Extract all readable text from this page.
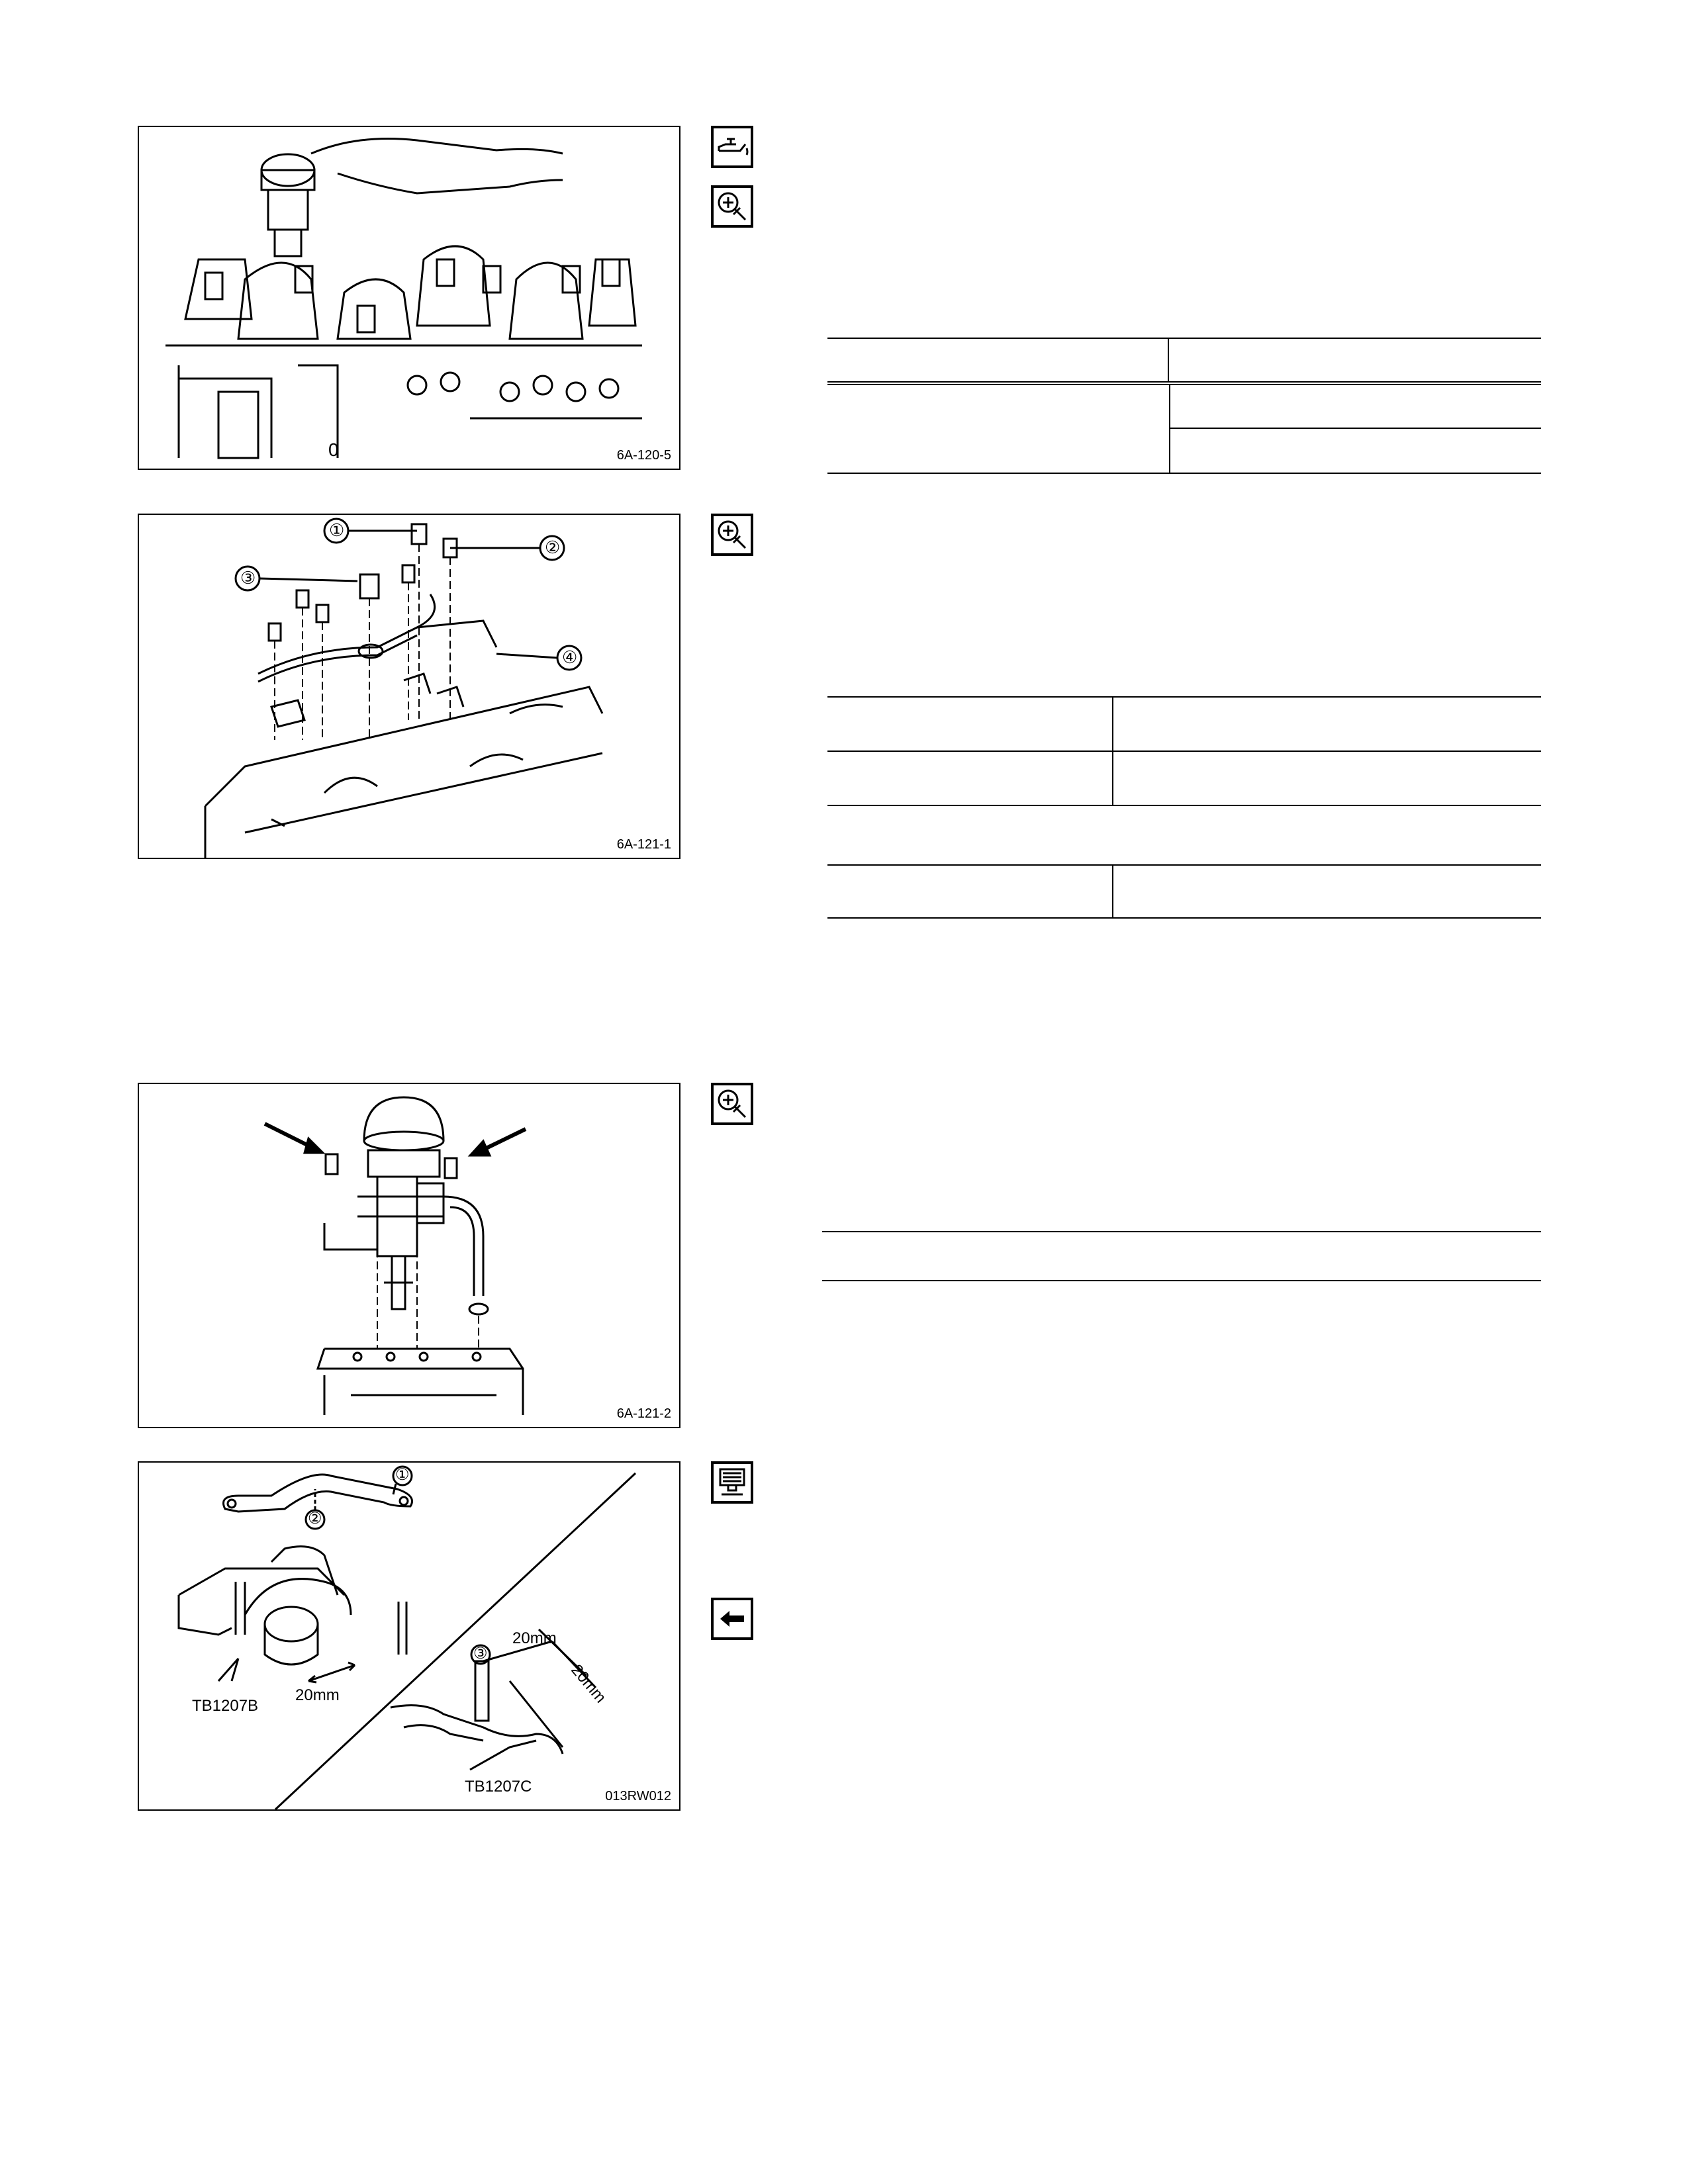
0	6A-120-5

①
②
③
④
6A-121-1
6A-121-2
①
②
③
TB1207B
TB1207C
20mm
20mm
20mm
013RW012
